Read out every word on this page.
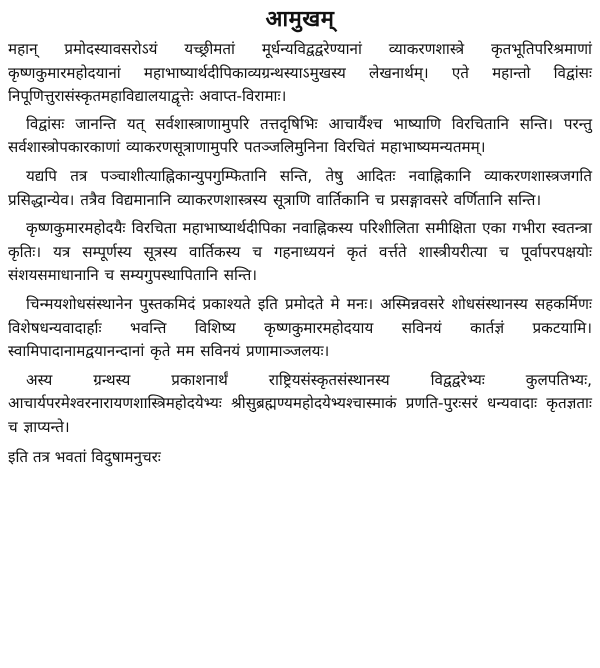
आमुखम्

महान् प्रमोदस्यावसरोऽयं यच्छ्रीमतां मूर्धन्यविद्वद्वरेण्यानां व्याकरणशास्त्रे कृतभूतिपरिश्रमाणां कृष्णकुमारमहोदयानां महाभाष्यार्थदीपिकाव्यग्रन्थस्याऽमुखस्य लेखनार्थम्। एते महान्तो विद्वांसः निपूणित्तुरासंस्कृतमहाविद्यालयाद्वृत्तेः अवाप्त-विरामाः।

विद्वांसः जानन्ति यत् सर्वशास्त्राणामुपरि तत्तदृषिभिः आचार्यैश्च भाष्याणि विरचितानि सन्ति। परन्तु सर्वशास्त्रोपकारकाणां व्याकरणसूत्राणामुपरि पतञ्जलिमुनिना विरचितं महाभाष्यमन्यतमम्।

यद्यपि तत्र पञ्चाशीत्याह्निकान्युपगुम्फितानि सन्ति, तेषु आदितः नवाह्निकानि व्याकरणशास्त्रजगति प्रसिद्धान्येव। तत्रैव विद्यमानानि व्याकरणशास्त्रस्य सूत्राणि वार्तिकानि च प्रसङ्गावसरे वर्णितानि सन्ति।

कृष्णकुमारमहोदयैः विरचिता महाभाष्यार्थदीपिका नवाह्निकस्य परिशीलिता समीक्षिता एका गभीरा स्वतन्त्रा कृतिः। यत्र सम्पूर्णस्य सूत्रस्य वार्तिकस्य च गहनाध्ययनं कृतं वर्त्तते शास्त्रीयरीत्या च पूर्वापरपक्षयोः संशयसमाधानानि च सम्यगुपस्थापितानि सन्ति।

चिन्मयशोधसंस्थानेन पुस्तकमिदं प्रकाश्यते इति प्रमोदते मे मनः। अस्मिन्नवसरे शोधसंस्थानस्य सहकर्मिणः विशेषधन्यवादार्हाः भवन्ति विशिष्य कृष्णकुमारमहोदयाय सविनयं कार्तज्ञं प्रकटयामि। स्वामिपादानामद्वयानन्दानां कृते मम सविनयं प्रणामाञ्जलयः।

अस्य ग्रन्थस्य प्रकाशनार्थं राष्ट्रियसंस्कृतसंस्थानस्य विद्वद्वरेभ्यः कुलपतिभ्यः, आचार्यपरमेश्वरनारायणशास्त्रिमहोदयेभ्यः श्रीसुब्रह्मण्यमहोदयेभ्यश्चास्माकं प्रणति-पुरःसरं धन्यवादाः कृतज्ञताः च ज्ञाप्यन्ते।

इति तत्र भवतां विदुषामनुचरः
